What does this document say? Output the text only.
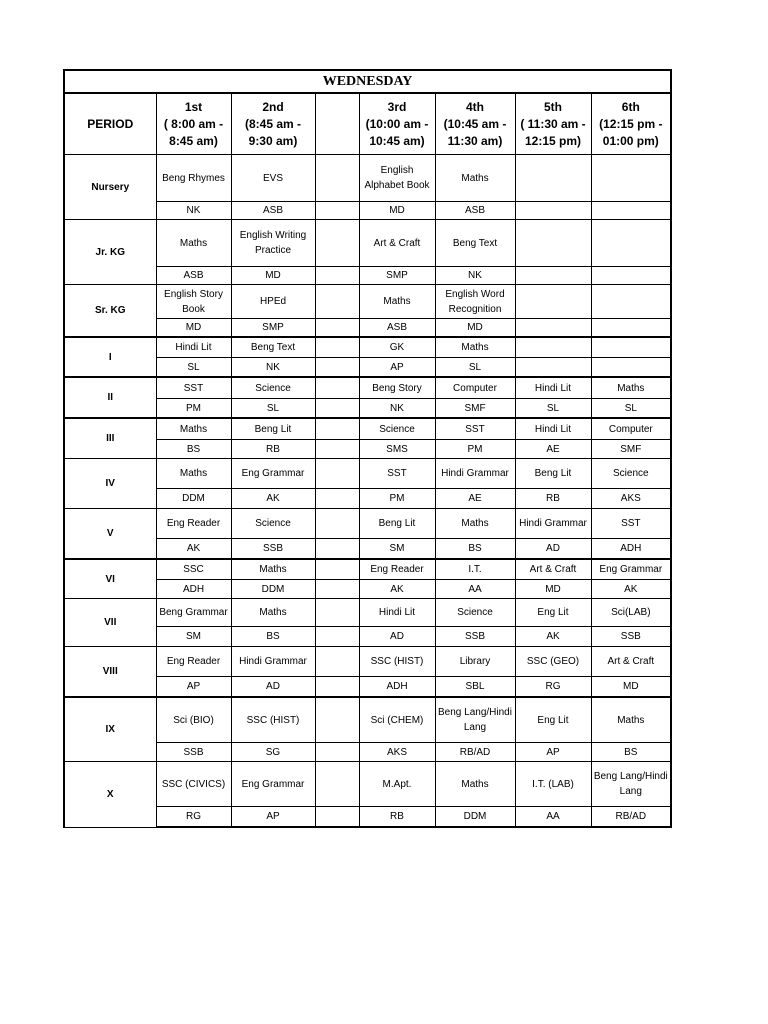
WEDNESDAY							
PERIOD	1st
( 8:00 am -
8:45 am)	2nd
(8:45 am -
9:30 am)		3rd
(10:00 am -
10:45 am)	4th
(10:45 am -
11:30 am)	5th
( 11:30 am -
12:15 pm)	6th
(12:15 pm -
01:00 pm)
Nursery	Beng Rhymes	EVS		English Alphabet Book	Maths		
	NK	ASB		MD	ASB		
Jr. KG	Maths	English Writing Practice		Art & Craft	Beng Text		
	ASB	MD		SMP	NK		
Sr. KG	English Story Book	HPEd		Maths	English Word Recognition		
	MD	SMP		ASB	MD		
I	Hindi Lit	Beng Text		GK	Maths		
	SL	NK		AP	SL		
II	SST	Science		Beng Story	Computer	Hindi Lit	Maths
	PM	SL		NK	SMF	SL	SL
III	Maths	Beng Lit		Science	SST	Hindi Lit	Computer
	BS	RB		SMS	PM	AE	SMF
IV	Maths	Eng Grammar		SST	Hindi Grammar	Beng Lit	Science
	DDM	AK		PM	AE	RB	AKS
V	Eng Reader	Science		Beng Lit	Maths	Hindi Grammar	SST
	AK	SSB		SM	BS	AD	ADH
VI	SSC	Maths		Eng Reader	I.T.	Art & Craft	Eng Grammar
	ADH	DDM		AK	AA	MD	AK
VII	Beng Grammar	Maths		Hindi Lit	Science	Eng Lit	Sci(LAB)
	SM	BS		AD	SSB	AK	SSB
VIII	Eng Reader	Hindi Grammar		SSC (HIST)	Library	SSC (GEO)	Art & Craft
	AP	AD		ADH	SBL	RG	MD
IX	Sci (BIO)	SSC (HIST)		Sci (CHEM)	Beng Lang/Hindi Lang	Eng Lit	Maths
	SSB	SG		AKS	RB/AD	AP	BS
X	SSC (CIVICS)	Eng Grammar		M.Apt.	Maths	I.T. (LAB)	Beng Lang/Hindi Lang
	RG	AP		RB	DDM	AA	RB/AD
